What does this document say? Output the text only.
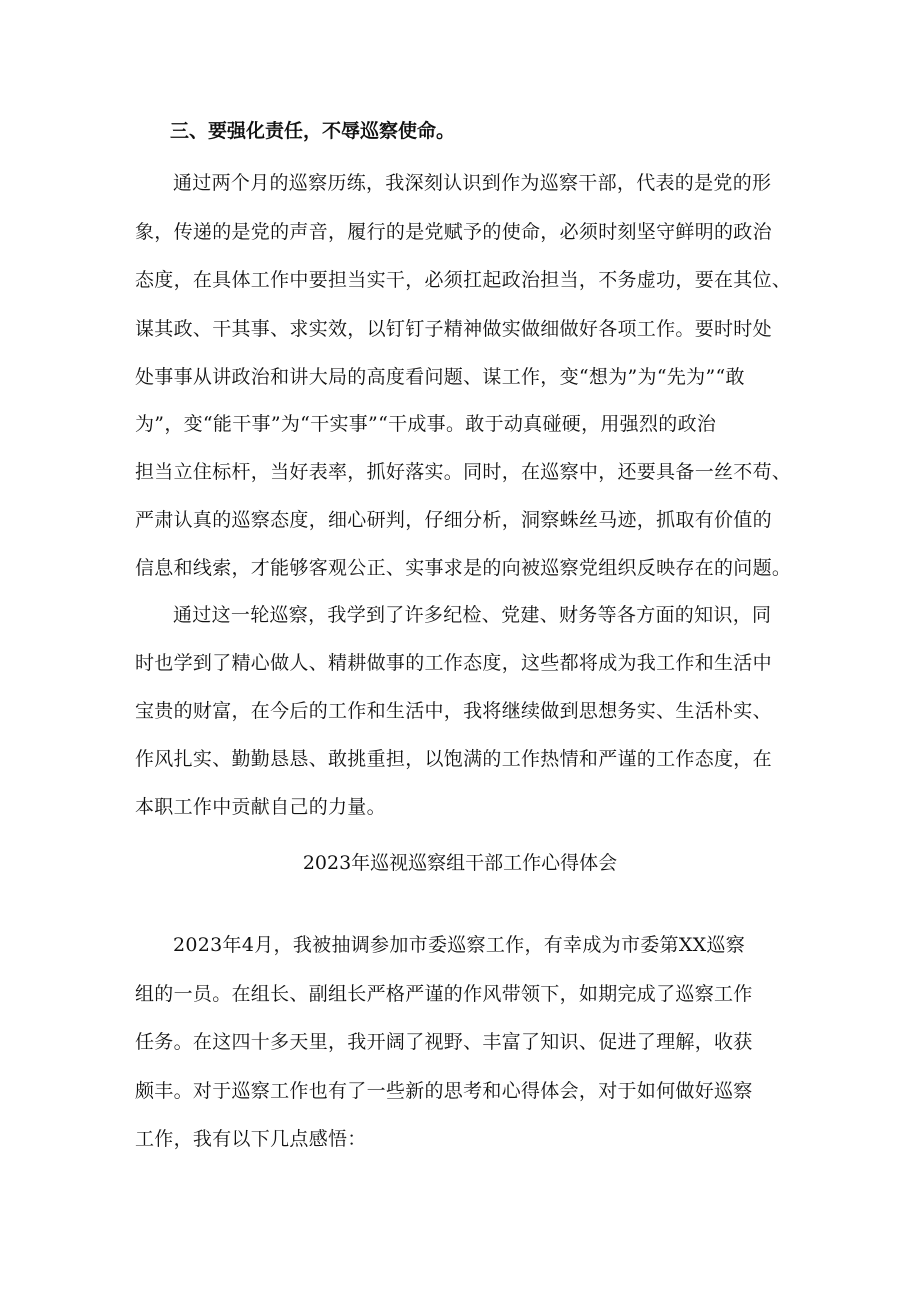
三、要强化责任，不辱巡察使命。
通过两个月的巡察历练，我深刻认识到作为巡察干部，代表的是党的形
象，传递的是党的声音，履行的是党赋予的使命，必须时刻坚守鲜明的政治
态度，在具体工作中要担当实干，必须扛起政治担当，不务虚功，要在其位、
谋其政、干其事、求实效，以钉钉子精神做实做细做好各项工作。要时时处
处事事从讲政治和讲大局的高度看问题、谋工作，变“想为”为“先为”“敢
为”，变“能干事”为“干实事”“干成事。敢于动真碰硬，用强烈的政治
担当立住标杆，当好表率，抓好落实。同时，在巡察中，还要具备一丝不苟、
严肃认真的巡察态度，细心研判，仔细分析，洞察蛛丝马迹，抓取有价值的
信息和线索，才能够客观公正、实事求是的向被巡察党组织反映存在的问题。
通过这一轮巡察，我学到了许多纪检、党建、财务等各方面的知识，同
时也学到了精心做人、精耕做事的工作态度，这些都将成为我工作和生活中
宝贵的财富，在今后的工作和生活中，我将继续做到思想务实、生活朴实、
作风扎实、勤勤恳恳、敢挑重担，以饱满的工作热情和严谨的工作态度，在
本职工作中贡献自己的力量。
2023年巡视巡察组干部工作心得体会
2023年4月，我被抽调参加市委巡察工作，有幸成为市委第XX巡察
组的一员。在组长、副组长严格严谨的作风带领下，如期完成了巡察工作
任务。在这四十多天里，我开阔了视野、丰富了知识、促进了理解，收获
颇丰。对于巡察工作也有了一些新的思考和心得体会，对于如何做好巡察
工作，我有以下几点感悟：
